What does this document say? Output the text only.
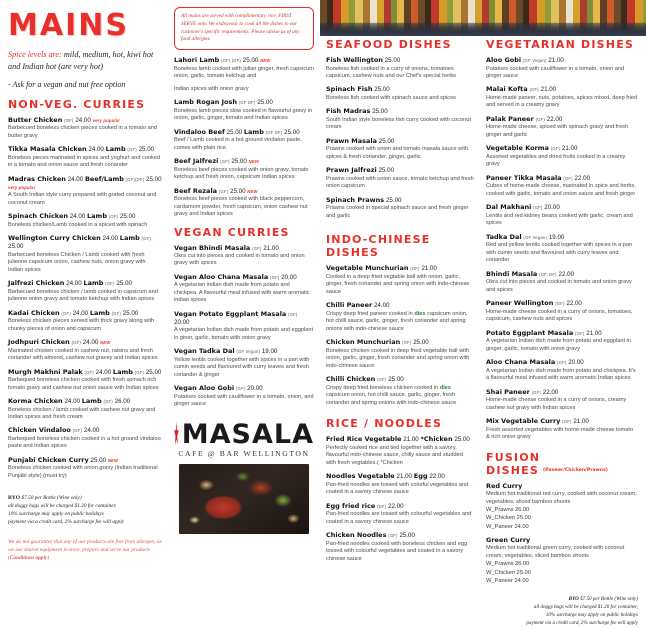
MAINS
Spice levels are: mild, medium, hot, kiwi hot and Indian hot (are very hot)
- Ask for a vegan and nut free option
NON-VEG. CURRIES
Butter Chicken (GF) 24.00 very popular
Barbecued boneless chicken pieces cooked in a tomato and butter gravy
Tikka Masala Chicken 24.00 Lamb (GF) 25.00
Boneless pieces marinated in spices and yoghurt and cooked in a tomato and onion sauce and fresh coriander
Madras Chicken 24.00 Beef/Lamb (GF)(DF) 25.00 very popular
A South Indian style curry prepared with grated coconut and coconut cream
Spinach Chicken 24.00 Lamb (GF) 25.00
Boneless chicken/Lamb cooked in a spiced with spinach
Wellington Curry Chicken 24.00 Lamb (GF) 25.00
Barbecued boneless Chicken / Lamb cooked with fresh julienne capsicum onion, cashew nuts, onion gravy with Indian spices
Jalfrezi Chicken 24.00 Lamb (GF) 25.00
Barbecued boneless chicken / lamb cooked in capsicum and julienne onion gravy and tomato ketchup with Indian spices
Kadai Chicken (GF) 24.00 Lamb (GF) 25.00
Boneless chicken pieces served with thick gravy along with chunky pieces of onion and capsicum
Jodhpuri Chicken (GF) 24.00 NEW
Marinated chicken cooked in cashew nut, raisins and fresh coriander with almond, cashew nut gravey and Indian spices
Murgh Makhni Palak (GF) 24.00 Lamb (GF) 25.00
Barbequed boneless chicken cooked with fresh spinach rich tomato gravy and cashew nut onion sauce with Indian spices
Korma Chicken 24.00 Lamb (GF) 26.00
Boneless chicken / lamb cooked with cashew nut gravy and Indian spices and fresh cream
Chicken Vindaloo (GF) 24.00
Barbequed boneless chicken cooked in a hot ground vindaloo paste and Indian spices
Punjabi Chicken Curry 25.00 NEW
Boneless chicken cooked with onion gravy (Indian traditional Punjabi style) (must try)
BYO $7.50 per Bottle (Wine only)
all doggy bags will be charged $1.20 for container,
10% surcharge may apply on public holidays
payment via a credit card, 2% surcharge fee will apply
We do not guarantee that any of our products are free from allergen, as we use shared equipment to store, prepare and serve our products (Conditions apply)
All mains are served with complimentary rice, FIRST SERVE only. We endeavour to cook all the dishes to our customer's specific requirements. Please advise us of any food allergies.
Lahori Lamb (GF) (DF) 25.00 NEW
Boneless lamb cooked with julian ginger, fresh capsicum onion, garlic, tomato ketchup and
Indian spices with onion gravy
Lamb Rogan Josh (GF DF) 25.00
Boneless lamb pieces slow cooked in flavourful gravy in onion, garlic, ginger, tomato and Indian spices
Vindaloo Beef 25.00 Lamb (GF DF) 25.00
Beef / Lamb cooked in a hot ground vindaloo paste, comes with plain rice.
Beef Jalfrezi (GF) 25.00 NEW
Boneless beef pieces cooked with onion gravy, tomato ketchup and fresh onion, capsicum Indian spices
Beef Rezala (GF) 25.00 NEW
Boneless beef pieces cooked with black peppercorn, cardamom powder, fresh capsicum, onion cashew nut gravy and Indian spices
VEGAN CURRIES
Vegan Bhindi Masala (GF) 21.00
Okra cut into pieces and cooked in tomato and onion gravy with spices
Vegan Aloo Chana Masala (GF) 20.00
A vegetarian indian dish made from potato and chickpea. A flavourful meal infused with warm aromatic indian spices
Vegan Potato Eggplant Masala (GF) 20.00
A vegetarian Indian dish made from potato and eggplant in giner, garlic, tomato with onion gravy
Vegan Tadka Dal (GF Vegan) 19.00
Yellow lentils cooked together with spices in a pan with cumin seeds and flavoured with curry leaves and fresh coriander & ginger
Vegan Aloo Gobi (GF) 20.00
Potatoes cooked with cauliflower in a tomato, onion, and ginger sauce
MASALA
CAFE @ BAR WELLINGTON
SEAFOOD DISHES
Fish Wellington 25.00
Boneless fish cooked in a curry of onions, tomatoes capsicum, cashew nuts and our Chef's special herbs
Spinach Fish 25.00
Boneless fish cooked with spinach sauce and spices
Fish Madras 25.00
South Indian style boneless fish curry cooked with coconut cream
Prawn Masala 25.00
Prawns cooked with onion and tomato masala sauce with spices & fresh coriander, ginger, garlic
Prawn Jalfrezi 25.00
Prawns cooked with onion sauce, tomato ketchup and fresh onion capsicum
Spinach Prawns 25.00
Prawns cooked in special spinach sauce and fresh ginger and garlic
INDO-CHINESE DISHES
Vegetable Munchurian (GF) 21.00
Cooked in a deep fried vegtable ball with onion, garlic, ginger, fresh coriander and spring onion with indo-chinese sauce
Chilli Paneer 24.00
Crispy deep fried paneer cooked in dies capsicum onion, hot chilli sauce, garlic, ginger, fresh coriander and spring onions with indo-chinese sauce
Chicken Munchurian (GF) 25.00
Boneless chicken cooked in deep fried vegetable ball with onion, garlic, ginger, fresh coriander and spring onion with indo-chinese sauce
Chilli Chicken (GF) 25.00
Crispy deep fried boneless chicken cooked in dies capsicum onion, hot chilli sauce, garlic, ginger, fresh coriander and spring onions with indo-chinese sauce
RICE / NOODLES
Fried Rice Vegetable 21.00 *Chicken 25.00
Perfectly cooked rice and tied together with a savory, flavourful indo-chinese sauce, chilly sauce and studded with fresh vegtables.( *Chicken
Noodles Vegetable 21.00 Egg 22.00
Pan-fried noodles are tossed with colorful vegetables and coated in a savory chinese sauce
Egg fried rice (DF) 22.00
Pan-fried noodles are tossed with colourful vegetables and coated in a savory chinese sauce
Chicken Noodles (GF) 25.00
Pan-fried noodles cooked with boneless chicken and egg tossed with colourful vegetables and coated in a savory chinese sauce
VEGETARIAN DISHES
Aloo Gobi (GF Vegan) 21.00
Potatoes cooked with cauliflower in a tomato, onion and ginger sauce
Malai Kofta (GF) 21.00
Home-made paneer, nuts, potatoes, spices mixed, deep fried and served in a creamy gravy
Palak Paneer (GF) 22.00
Home-made cheese, spiced with spinach gravy and fresh ginger and garlic
Vegetable Korma (GF) 21.00
Assorted vegetables and dried fruits cooked in a creamy gravy
Paneer Tikka Masala (GF) 22.00
Cubes of home-made cheese, marinated in spice and herbs, cooked with garlic, tomato and onion sauce and fresh ginger
Dal Makhani (GF) 20.00
Lentils and red kidney beans cooked with garlic, cream and spices
Tadka Dal (GF Vegan) 19.00
Red and yellow lentils cooked together with spices in a pan with cumin seeds and flavoured with curry leaves and coriander
Bhindi Masala (GF, DF) 22.00
Okra cut into pieces and cooked in tomato and onion gravy and spices
Paneer Wellington (GF) 22.00
Home-made cheese cooked in a curry of onions, tomatoes, capsicum, cashew nuts and spices
Potato Eggplant Masala (GF) 21.00
A vegetarian Indian dish made from potato and eggplant in ginger, garlic, tomato with onion gravy
Aloo Chana Masala (GF) 20.00
A vegetarian Indian dish made from potato and chickpea. It's a flavourful meal infused with warm aromatic Indian spices
Shai Paneer (GF) 22.00
Home-made cheese cooked in a curry of onions, creamy cashew nut gravy with Indian spices
Mix Vegetable Curry (GF) 21.00
Fresh assorted vegetables with home-made cheese tomato & rich onion gravy
FUSION DISHES (Paneer/Chicken/Prawns)
Red Curry
Medium hot traditional red curry, cooked with coconut cream, vegetables, sliced bamboo shoots
W_Prawns 26.00
W_Chicken 25.00
W_Paneer 24.00
Green Curry
Medium hot traditional green curry, cooked with coconut cream, vegetables, sliced bamboo shoots
W_Prawns 26.00
W_Chicken 25.00
W_Paneer 24.00
BYO $7.50 per Bottle (Wine only)
all doggy bags will be charged $1.20 for container,
10% surcharge may apply on public holidays
payment via a credit card, 2% surcharge fee will apply
